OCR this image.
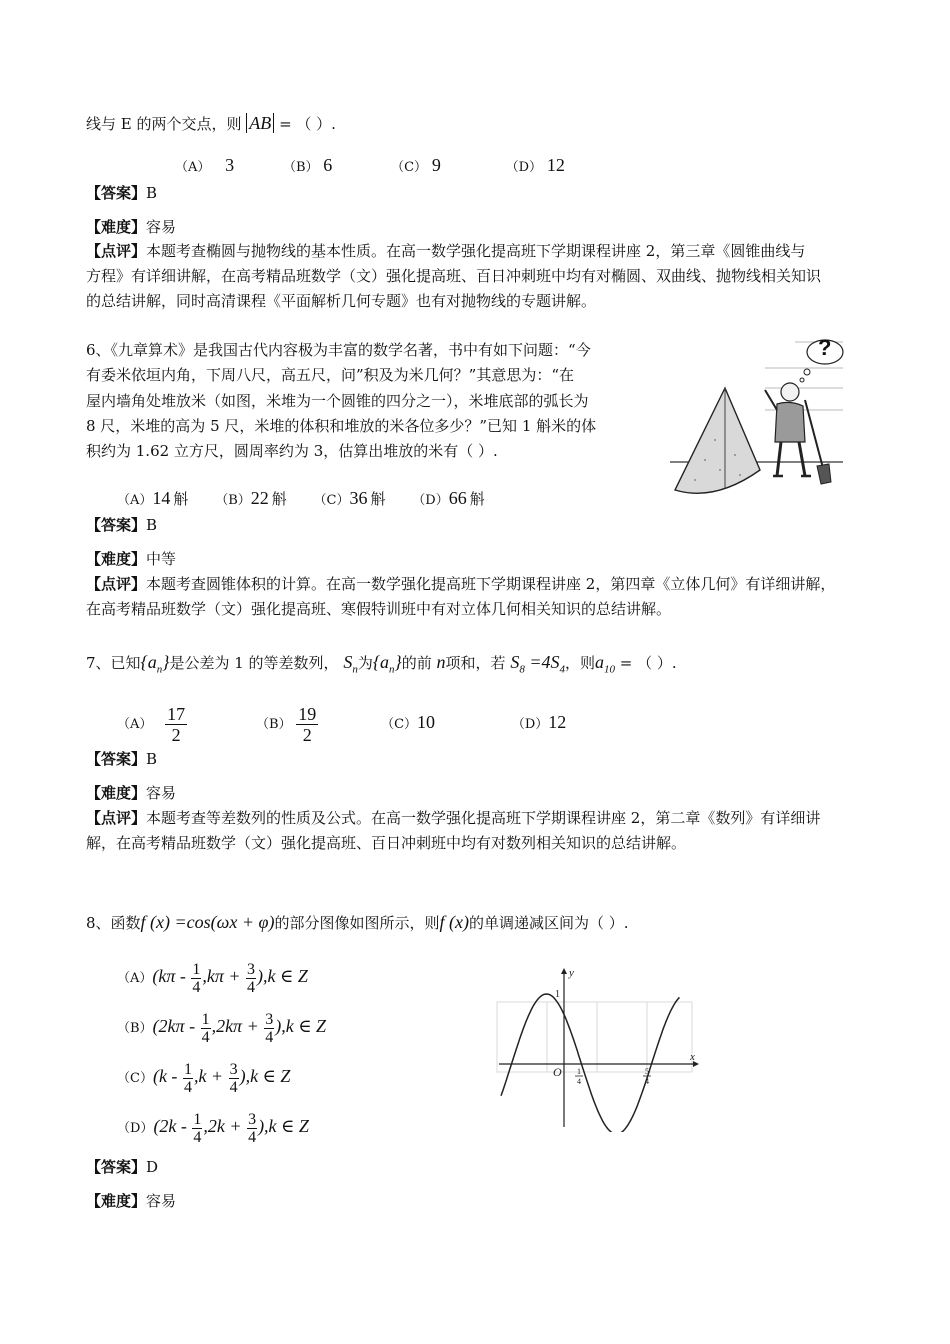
线与 E 的两个交点，则 AB = （ ）.
（A） 3	（B） 6	（C） 9	（D） 12
【答案】B
【难度】容易
【点评】本题考查椭圆与抛物线的基本性质。在高一数学强化提高班下学期课程讲座 2，第三章《圆锥曲线与
方程》有详细讲解，在高考精品班数学（文）强化提高班、百日冲刺班中均有对椭圆、双曲线、抛物线相关知识
的总结讲解，同时高清课程《平面解析几何专题》也有对抛物线的专题讲解。
6、《九章算术》是我国古代内容极为丰富的数学名著，书中有如下问题：“今
有委米依垣内角，下周八尺，高五尺，问”积及为米几何？”其意思为：“在
屋内墙角处堆放米（如图，米堆为一个圆锥的四分之一），米堆底部的弧长为
8 尺，米堆的高为 5 尺，米堆的体积和堆放的米各位多少？”已知 1 斛米的体
积约为 1.62 立方尺，圆周率约为 3，估算出堆放的米有（ ）.
?
（A）14 斛 （B）22 斛 （C）36 斛 （D）66 斛
【答案】B
【难度】中等
【点评】本题考查圆锥体积的计算。在高一数学强化提高班下学期课程讲座 2，第四章《立体几何》有详细讲解，
在高考精品班数学（文）强化提高班、寒假特训班中有对立体几何相关知识的总结讲解。
7、已知$\{a_n\}$是公差为 1 的等差数列， $S_n$为$\{a_n\}$的前 n项和，若 $S_8 =4S_4$，则$a_{10}$ = （ ）.
$(A) \frac{17}{2}$	$(B) \frac{19}{2}$	（C）10	（D）12
【答案】B
【难度】容易
【点评】本题考查等差数列的性质及公式。在高一数学强化提高班下学期课程讲座 2，第二章《数列》有详细讲
解，在高考精品班数学（文）强化提高班、百日冲刺班中均有对数列相关知识的总结讲解。
8、函数f (x) =cos(ωx + φ)的部分图像如图所示，则f (x)的单调递减区间为（ ）.
$(A)(k\pi - \frac{1}{4} ,k\pi + \frac{3}{4} ),k$ ∈ Z
$(B)(2k\pi - \frac{1}{4} ,2k\pi + \frac{3}{4} ),k$ ∈ Z
$(C)(k - \frac{1}{4} ,k + \frac{3}{4} ),k$ ∈ Z
$(D)(2k - \frac{1}{4} ,2k + \frac{3}{4} ),k$ ∈ Z
y
x
O
1
1
4
5
4
【答案】D
【难度】容易
